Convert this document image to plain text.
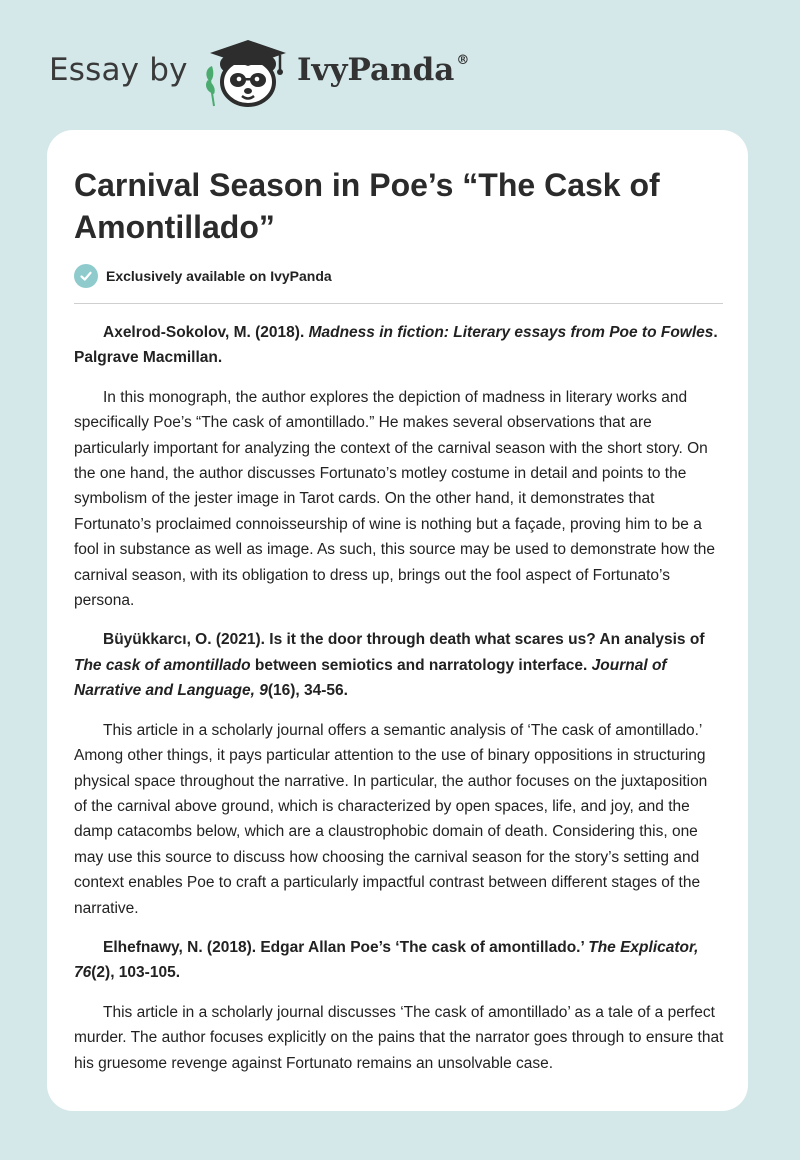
Essay by	IvyPanda ®
Carnival Season in Poe’s “The Cask of Amontillado”
Exclusively available on IvyPanda

Axelrod-Sokolov, M. (2018). Madness in fiction: Literary essays from Poe to Fowles. Palgrave Macmillan.

In this monograph, the author explores the depiction of madness in literary works and specifically Poe’s “The cask of amontillado.” He makes several observations that are particularly important for analyzing the context of the carnival season with the short story. On the one hand, the author discusses Fortunato’s motley costume in detail and points to the symbolism of the jester image in Tarot cards. On the other hand, it demonstrates that Fortunato’s proclaimed connoisseurship of wine is nothing but a façade, proving him to be a fool in substance as well as image. As such, this source may be used to demonstrate how the carnival season, with its obligation to dress up, brings out the fool aspect of Fortunato’s persona.

Büyükkarcı, O. (2021). Is it the door through death what scares us? An analysis of The cask of amontillado between semiotics and narratology interface. Journal of Narrative and Language, 9(16), 34-56.

This article in a scholarly journal offers a semantic analysis of ‘The cask of amontillado.’ Among other things, it pays particular attention to the use of binary oppositions in structuring physical space throughout the narrative. In particular, the author focuses on the juxtaposition of the carnival above ground, which is characterized by open spaces, life, and joy, and the damp catacombs below, which are a claustrophobic domain of death. Considering this, one may use this source to discuss how choosing the carnival season for the story’s setting and context enables Poe to craft a particularly impactful contrast between different stages of the narrative.

Elhefnawy, N. (2018). Edgar Allan Poe’s ‘The cask of amontillado.’ The Explicator, 76(2), 103-105.

This article in a scholarly journal discusses ‘The cask of amontillado’ as a tale of a perfect murder. The author focuses explicitly on the pains that the narrator goes through to ensure that his gruesome revenge against Fortunato remains an unsolvable case.
